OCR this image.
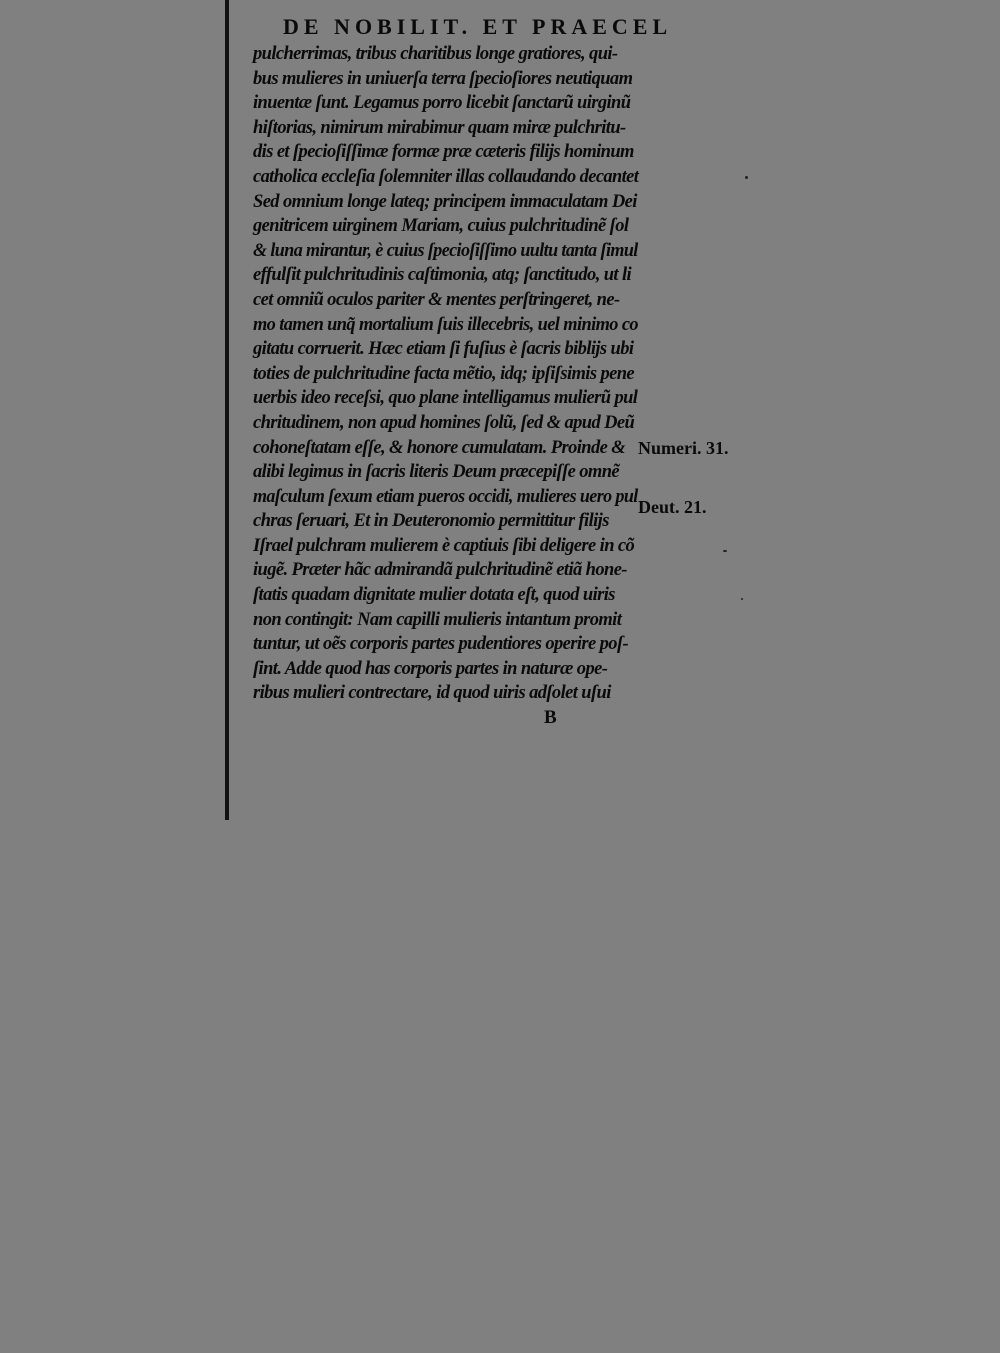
DE NOBILIT. ET PRAECEL
pulcherrimas, tribus charitibus longe gratiores, qui-
bus mulieres in uniuerſa terra ſpecioſiores neutiquam
inuentæ ſunt. Legamus porro licebit ſanctarũ uirginũ
hiſtorias, nimirum mirabimur quam miræ pulchritu-
dis et ſpecioſiſſimæ formæ præ cæteris filijs hominum
catholica eccleſia ſolemniter illas collaudando decantet
Sed omnium longe lateq; principem immaculatam Dei
genitricem uirginem Mariam, cuius pulchritudinẽ ſol
& luna mirantur, è cuius ſpecioſiſſimo uultu tanta ſimul
effulſit pulchritudinis caſtimonia, atq; ſanctitudo, ut li
cet omniũ oculos pariter & mentes perſtringeret, ne-
mo tamen unq̃ mortalium ſuis illecebris, uel minimo co
gitatu corruerit. Hæc etiam ſi fuſius è ſacris biblijs ubi
toties de pulchritudine facta mẽtio, idq; ipſiſsimis pene
uerbis ideo receſsi, quo plane intelligamus mulierũ pul
chritudinem, non apud homines ſolũ, ſed & apud Deũ
cohoneſtatam eſſe, & honore cumulatam. Proinde &
alibi legimus in ſacris literis Deum præcepiſſe omnẽ
maſculum ſexum etiam pueros occidi, mulieres uero pul
chras ſeruari, Et in Deuteronomio permittitur filijs
Iſrael pulchram mulierem è captiuis ſibi deligere in cõ
iugẽ. Præter hãc admirandã pulchritudinẽ etiã hone-
ſtatis quadam dignitate mulier dotata eſt, quod uiris
non contingit: Nam capilli mulieris intantum promit
tuntur, ut oẽs corporis partes pudentiores operire poſ-
ſint. Adde quod has corporis partes in naturæ ope-
ribus mulieri contrectare, id quod uiris adſolet uſui
B
Numeri. 31.
Deut. 21.
